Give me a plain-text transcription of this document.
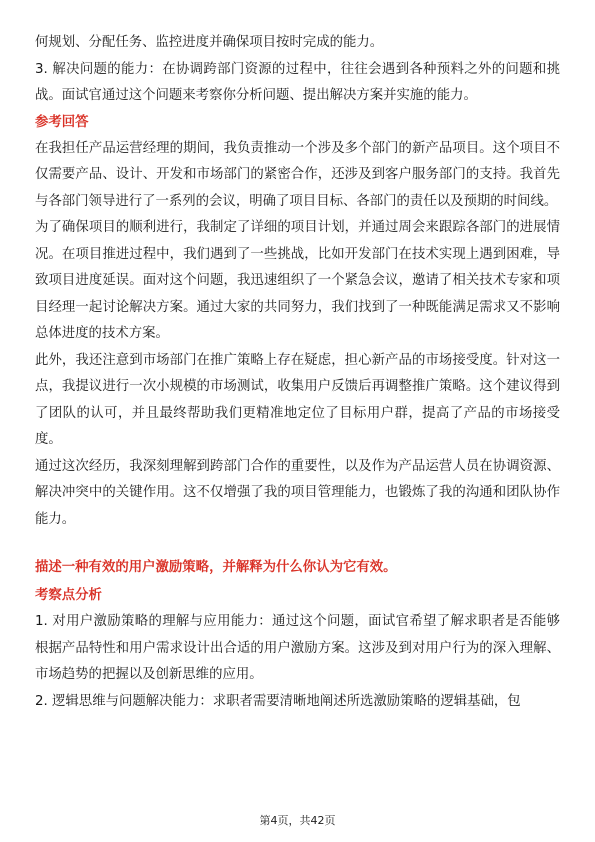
何规划、分配任务、监控进度并确保项目按时完成的能力。

3. 解决问题的能力：在协调跨部门资源的过程中，往往会遇到各种预料之外的问题和挑战。面试官通过这个问题来考察你分析问题、提出解决方案并实施的能力。

参考回答

在我担任产品运营经理的期间，我负责推动一个涉及多个部门的新产品项目。这个项目不仅需要产品、设计、开发和市场部门的紧密合作，还涉及到客户服务部门的支持。我首先与各部门领导进行了一系列的会议，明确了项目目标、各部门的责任以及预期的时间线。

为了确保项目的顺利进行，我制定了详细的项目计划，并通过周会来跟踪各部门的进展情况。在项目推进过程中，我们遇到了一些挑战，比如开发部门在技术实现上遇到困难，导致项目进度延误。面对这个问题，我迅速组织了一个紧急会议，邀请了相关技术专家和项目经理一起讨论解决方案。通过大家的共同努力，我们找到了一种既能满足需求又不影响总体进度的技术方案。

此外，我还注意到市场部门在推广策略上存在疑虑，担心新产品的市场接受度。针对这一点，我提议进行一次小规模的市场测试，收集用户反馈后再调整推广策略。这个建议得到了团队的认可，并且最终帮助我们更精准地定位了目标用户群，提高了产品的市场接受度。

通过这次经历，我深刻理解到跨部门合作的重要性，以及作为产品运营人员在协调资源、解决冲突中的关键作用。这不仅增强了我的项目管理能力，也锻炼了我的沟通和团队协作能力。

描述一种有效的用户激励策略，并解释为什么你认为它有效。
考察点分析

1. 对用户激励策略的理解与应用能力：通过这个问题，面试官希望了解求职者是否能够根据产品特性和用户需求设计出合适的用户激励方案。这涉及到对用户行为的深入理解、市场趋势的把握以及创新思维的应用。

2. 逻辑思维与问题解决能力：求职者需要清晰地阐述所选激励策略的逻辑基础，包

第4页，共42页
